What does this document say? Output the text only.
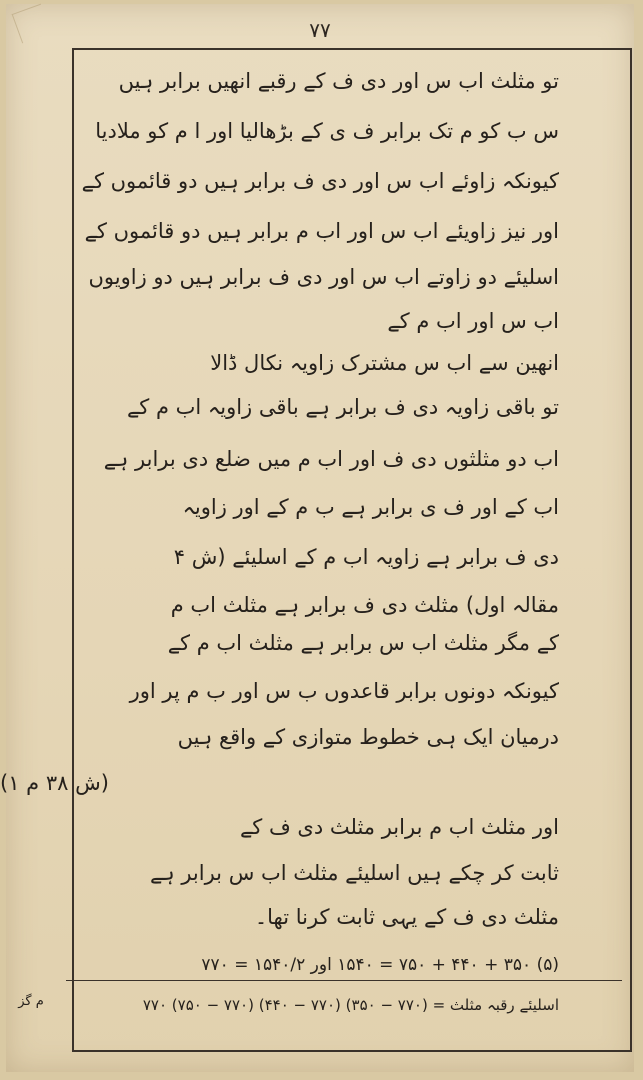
٧٧
تو مثلث اب س اور دی ف کے رقبے انھیں برابر ہیں
س ب کو م تک برابر ف ی کے بڑھالیا اور ا م کو ملادیا
کیونکہ زاوئے اب س اور دی ف برابر ہیں دو قائموں کے
اور نیز زاویئے اب س اور اب م برابر ہیں دو قائموں کے
اسلیئے دو زاوتے اب س اور دی ف برابر ہیں دو زاویوں
اب س اور اب م کے
انھین سے اب س مشترک زاویہ نکال ڈالا
تو باقی زاویہ دی ف برابر ہے باقی زاویہ اب م کے
اب دو مثلثوں دی ف اور اب م میں ضلع دی برابر ہے
اب کے اور ف ی برابر ہے ب م کے اور زاویہ
دی ف برابر ہے زاویہ اب م کے اسلیئے (ش ۴
مقالہ اول) مثلث دی ف برابر ہے مثلث اب م
کے مگر مثلث اب س برابر ہے مثلث اب م کے
کیونکہ دونوں برابر قاعدوں ب س اور ب م پر اور
درمیان ایک ہی خطوط متوازی کے واقع ہیں
(ش ۳۸ م ۱)
اور مثلث اب م برابر مثلث دی ف کے
ثابت کر چکے ہیں اسلیئے مثلث اب س برابر ہے
مثلث دی ف کے یہی ثابت کرنا تھا۔
(۵) ۳۵۰ + ۴۴۰ + ۷۵۰ = ۱۵۴۰ اور ۱۵۴۰/۲ = ۷۷۰
اسلیئے رقبہ مثلث = (۷۷۰ − ۳۵۰) (۷۷۰ − ۴۴۰) (۷۷۰ − ۷۵۰) ۷۷۰
م گز
